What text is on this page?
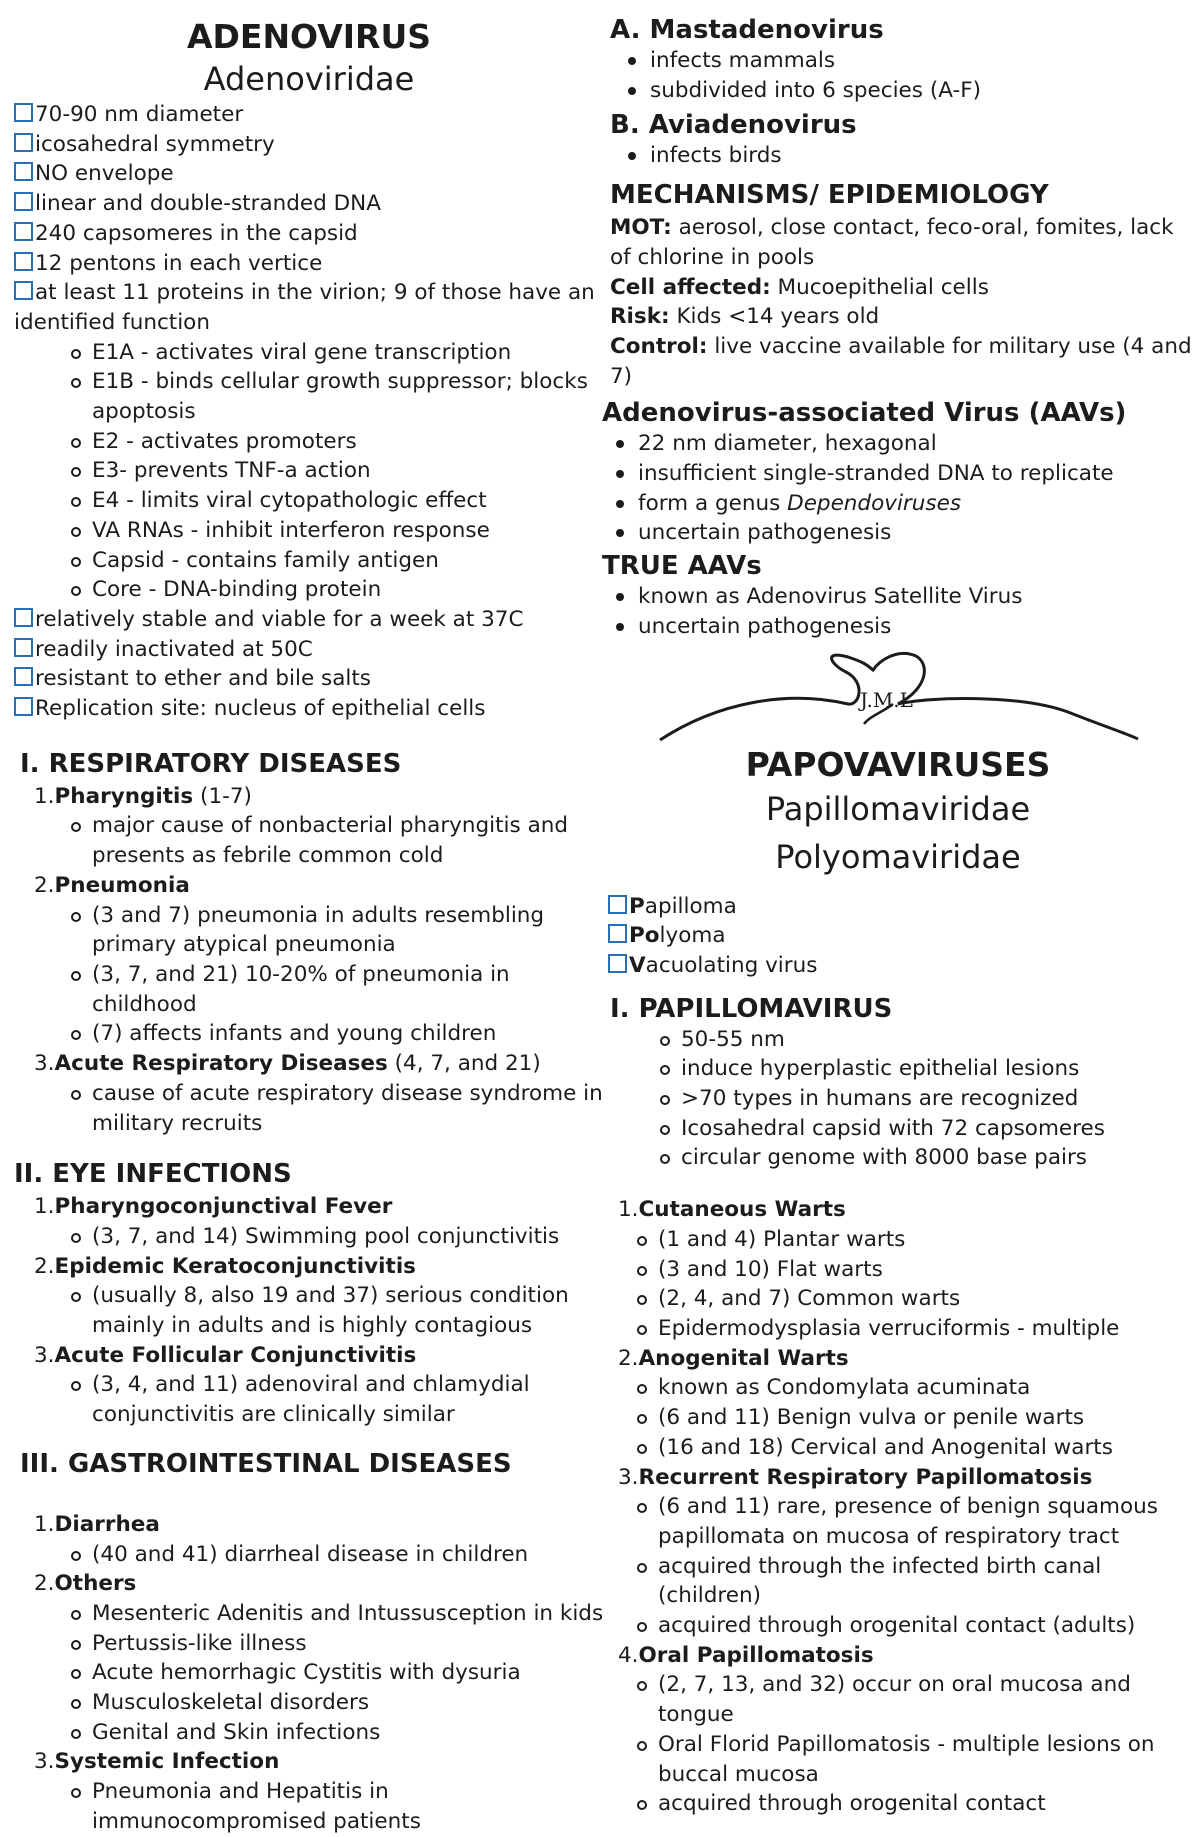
ADENOVIRUS
Adenoviridae
70-90 nm diameter
icosahedral symmetry
NO envelope
linear and double-stranded DNA
240 capsomeres in the capsid
12 pentons in each vertice
at least 11 proteins in the virion; 9 of those have an
identified function
E1A - activates viral gene transcription
E1B - binds cellular growth suppressor; blocks apoptosis
E2 - activates promoters
E3- prevents TNF-a action
E4 - limits viral cytopathologic effect
VA RNAs - inhibit interferon response
Capsid - contains family antigen
Core - DNA-binding protein
relatively stable and viable for a week at 37C
readily inactivated at 50C
resistant to ether and bile salts
Replication site: nucleus of epithelial cells
I. RESPIRATORY DISEASES
1.Pharyngitis (1-7)
major cause of nonbacterial pharyngitis and presents as febrile common cold
2.Pneumonia
(3 and 7) pneumonia in adults resembling primary atypical pneumonia
(3, 7, and 21) 10-20% of pneumonia in childhood
(7) affects infants and young children
3.Acute Respiratory Diseases (4, 7, and 21)
cause of acute respiratory disease syndrome in military recruits
II. EYE INFECTIONS
1.Pharyngoconjunctival Fever
(3, 7, and 14) Swimming pool conjunctivitis
2.Epidemic Keratoconjunctivitis
(usually 8, also 19 and 37) serious condition mainly in adults and is highly contagious
3.Acute Follicular Conjunctivitis
(3, 4, and 11) adenoviral and chlamydial conjunctivitis are clinically similar
III. GASTROINTESTINAL DISEASES
1.Diarrhea
(40 and 41) diarrheal disease in children
2.Others
Mesenteric Adenitis and Intussusception in kids
Pertussis-like illness
Acute hemorrhagic Cystitis with dysuria
Musculoskeletal disorders
Genital and Skin infections
3.Systemic Infection
Pneumonia and Hepatitis in immunocompromised patients
A. Mastadenovirus
infects mammals
subdivided into 6 species (A-F)
B. Aviadenovirus
infects birds
MECHANISMS/ EPIDEMIOLOGY
MOT: aerosol, close contact, feco-oral, fomites, lack of chlorine in pools
Cell affected: Mucoepithelial cells
Risk: Kids <14 years old
Control: live vaccine available for military use (4 and 7)
Adenovirus-associated Virus (AAVs)
22 nm diameter, hexagonal
insufficient single-stranded DNA to replicate
form a genus Dependoviruses
uncertain pathogenesis
TRUE AAVs
known as Adenovirus Satellite Virus
uncertain pathogenesis
J.M.L
PAPOVAVIRUSES
Papillomaviridae
Polyomaviridae
Papilloma
Polyoma
Vacuolating virus
I. PAPILLOMAVIRUS
50-55 nm
induce hyperplastic epithelial lesions
>70 types in humans are recognized
Icosahedral capsid with 72 capsomeres
circular genome with 8000 base pairs
1.Cutaneous Warts
(1 and 4) Plantar warts
(3 and 10) Flat warts
(2, 4, and 7) Common warts
Epidermodysplasia verruciformis - multiple
2.Anogenital Warts
known as Condomylata acuminata
(6 and 11) Benign vulva or penile warts
(16 and 18) Cervical and Anogenital warts
3.Recurrent Respiratory Papillomatosis
(6 and 11) rare, presence of benign squamous papillomata on mucosa of respiratory tract
acquired through the infected birth canal (children)
acquired through orogenital contact (adults)
4.Oral Papillomatosis
(2, 7, 13, and 32) occur on oral mucosa and tongue
Oral Florid Papillomatosis - multiple lesions on buccal mucosa
acquired through orogenital contact
